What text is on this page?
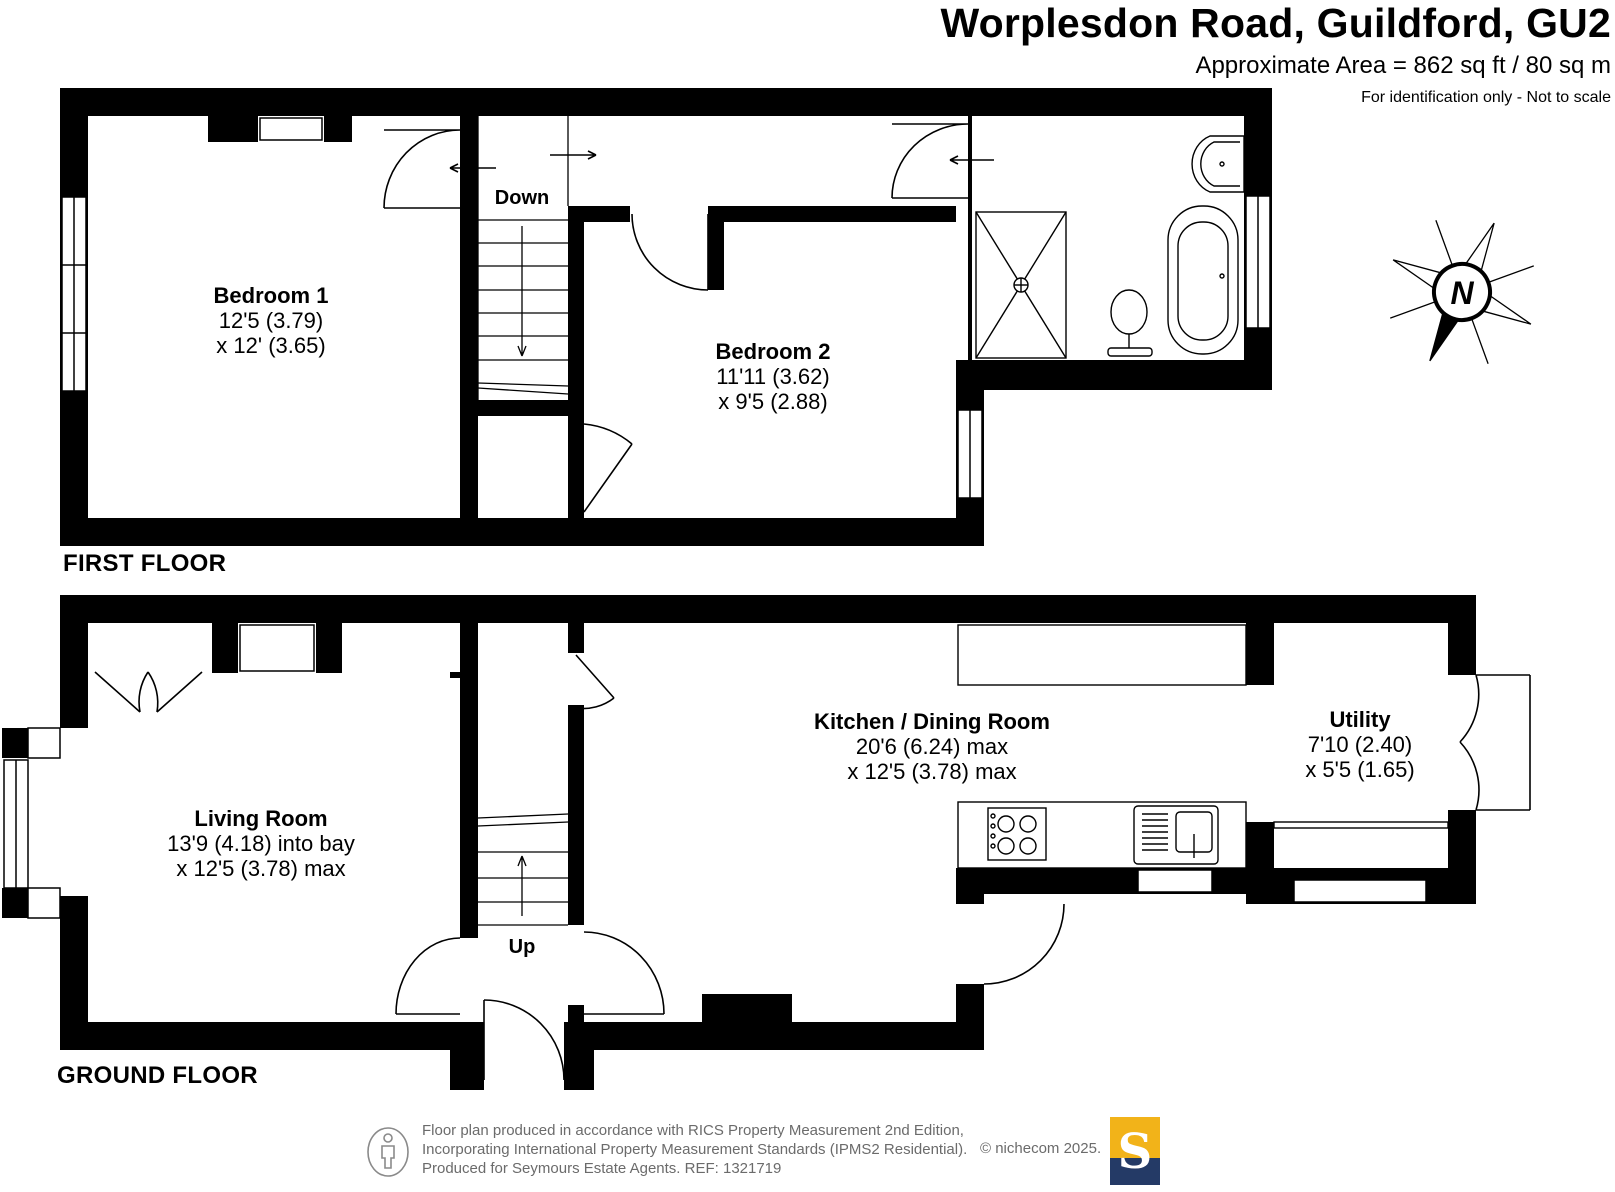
N
Worplesdon Road, Guildford, GU2
Approximate Area = 862 sq ft / 80 sq m
For identification only - Not to scale
Bedroom 1
12'5 (3.79)
x 12' (3.65)	Bedroom 2
11'11 (3.62)
x 9'5 (2.88)
Down
FIRST FLOOR
Living Room
13'9 (4.18) into bay
x 12'5 (3.78) max
Kitchen / Dining Room
20'6 (6.24) max
x 12'5 (3.78) max
Utility
7'10 (2.40)
x 5'5 (1.65)
Up
GROUND FLOOR
Floor plan produced in accordance with RICS Property Measurement 2nd Edition,
Incorporating International Property Measurement Standards (IPMS2 Residential).
Produced for Seymours Estate Agents. REF: 1321719
© nichecom 2025. S
